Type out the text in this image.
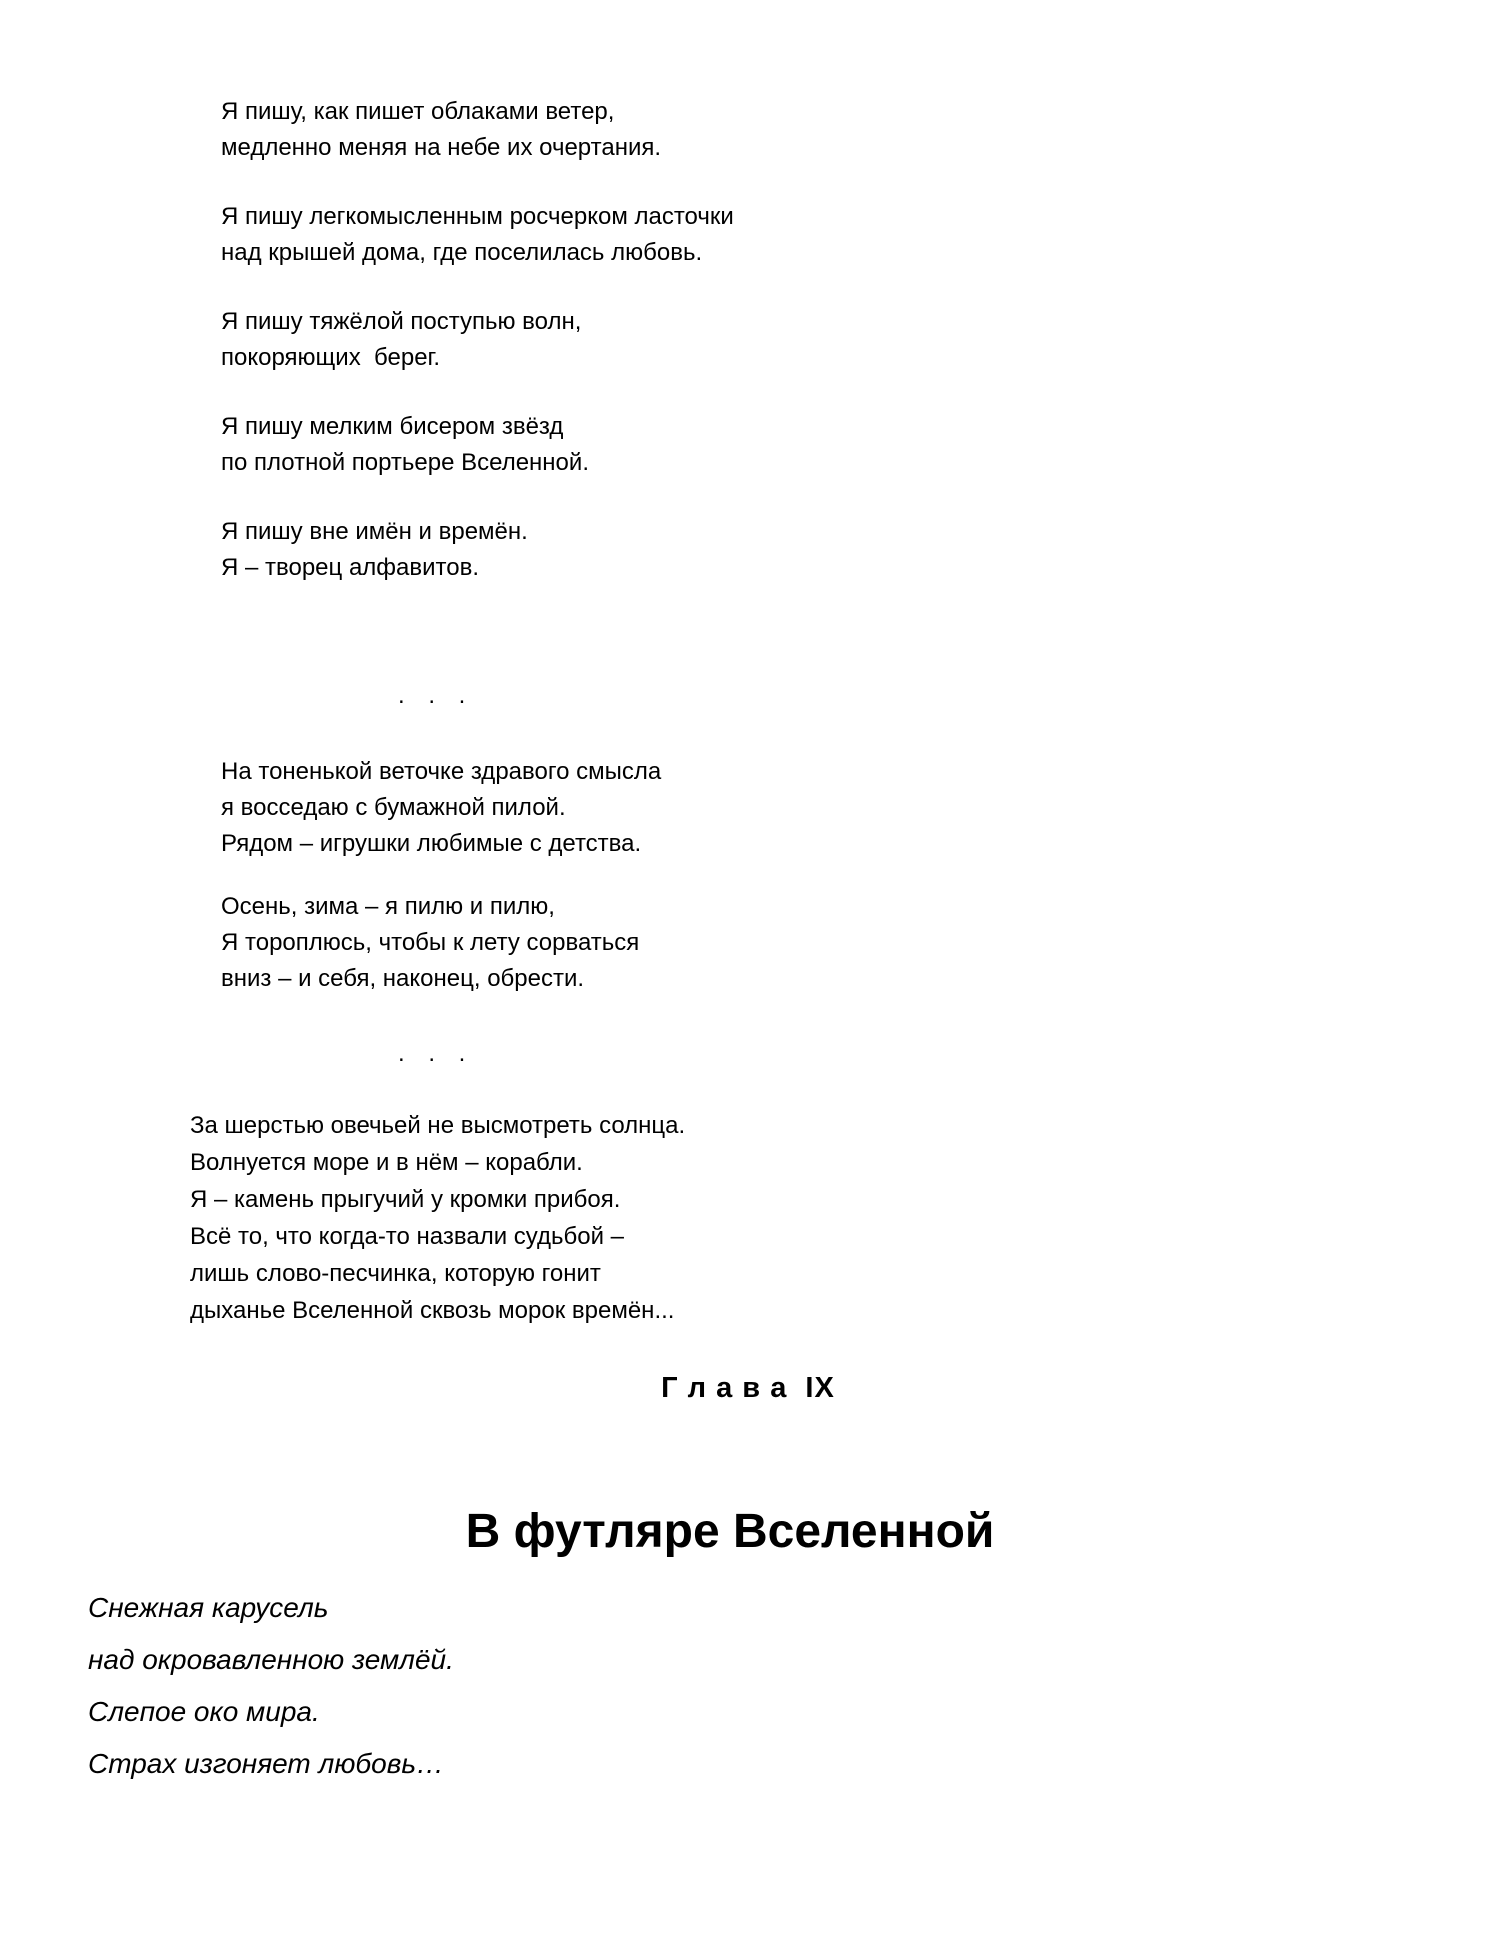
Я пишу, как пишет облаками ветер,

медленно меняя на небе их очертания.

Я пишу легкомысленным росчерком ласточки

над крышей дома, где поселилась любовь.

Я пишу тяжёлой поступью волн,

покоряющих  берег.

Я пишу мелким бисером звёзд

по плотной портьере Вселенной.

Я пишу вне имён и времён.

Я – творец алфавитов.

. . .

На тоненькой веточке здравого смысла

я восседаю с бумажной пилой.

Рядом – игрушки любимые с детства.

Осень, зима – я пилю и пилю,

Я тороплюсь, чтобы к лету сорваться

вниз – и себя, наконец, обрести.

. . .

За шерстью овечьей не высмотреть солнца.

Волнуется море и в нём – корабли.

Я – камень прыгучий у кромки прибоя.

Всё то, что когда-то назвали судьбой –

лишь слово-песчинка, которую гонит

дыханье Вселенной сквозь морок времён...

Г л а в а  IX
В футляре Вселенной

Снежная карусель

над окровавленною землёй.

Слепое око мира.

Страх изгоняет любовь…
